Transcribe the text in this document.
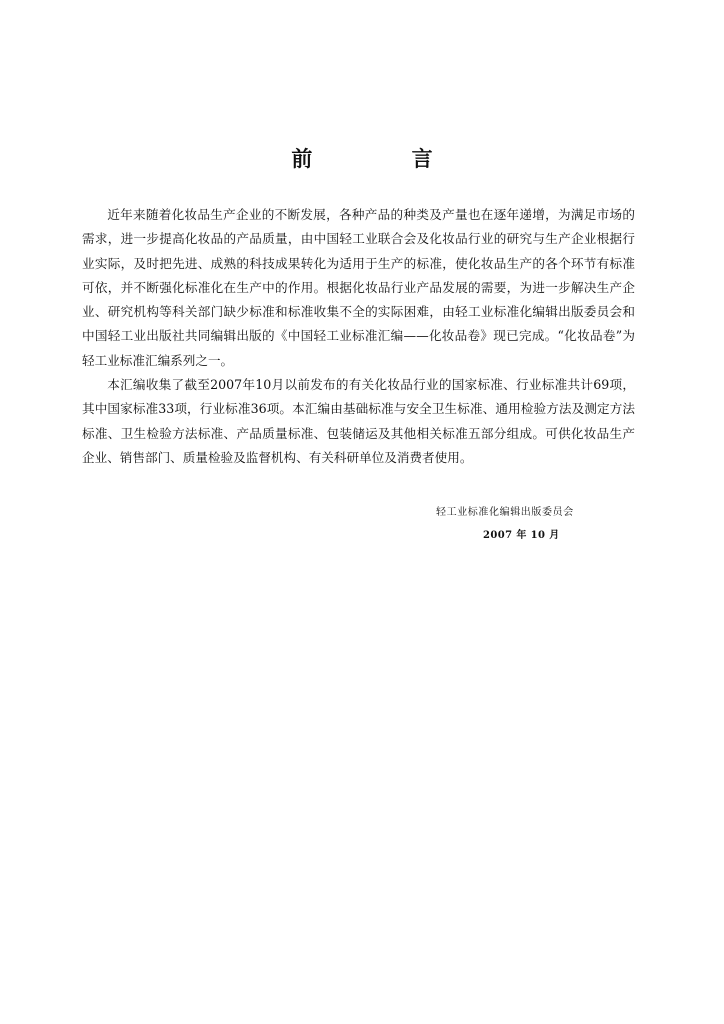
前 言

近年来随着化妆品生产企业的不断发展，各种产品的种类及产量也在逐年递增，为满足市场的需求，进一步提高化妆品的产品质量，由中国轻工业联合会及化妆品行业的研究与生产企业根据行业实际，及时把先进、成熟的科技成果转化为适用于生产的标准，使化妆品生产的各个环节有标准可依，并不断强化标准化在生产中的作用。根据化妆品行业产品发展的需要，为进一步解决生产企业、研究机构等科关部门缺少标准和标准收集不全的实际困难，由轻工业标准化编辑出版委员会和中国轻工业出版社共同编辑出版的《中国轻工业标准汇编——化妆品卷》现已完成。“化妆品卷”为轻工业标准汇编系列之一。

本汇编收集了截至2007年10月以前发布的有关化妆品行业的国家标准、行业标准共计69项，其中国家标准33项，行业标准36项。本汇编由基础标准与安全卫生标准、通用检验方法及测定方法标准、卫生检验方法标准、产品质量标准、包装储运及其他相关标准五部分组成。可供化妆品生产企业、销售部门、质量检验及监督机构、有关科研单位及消费者使用。

轻工业标准化编辑出版委员会
2007 年 10 月
